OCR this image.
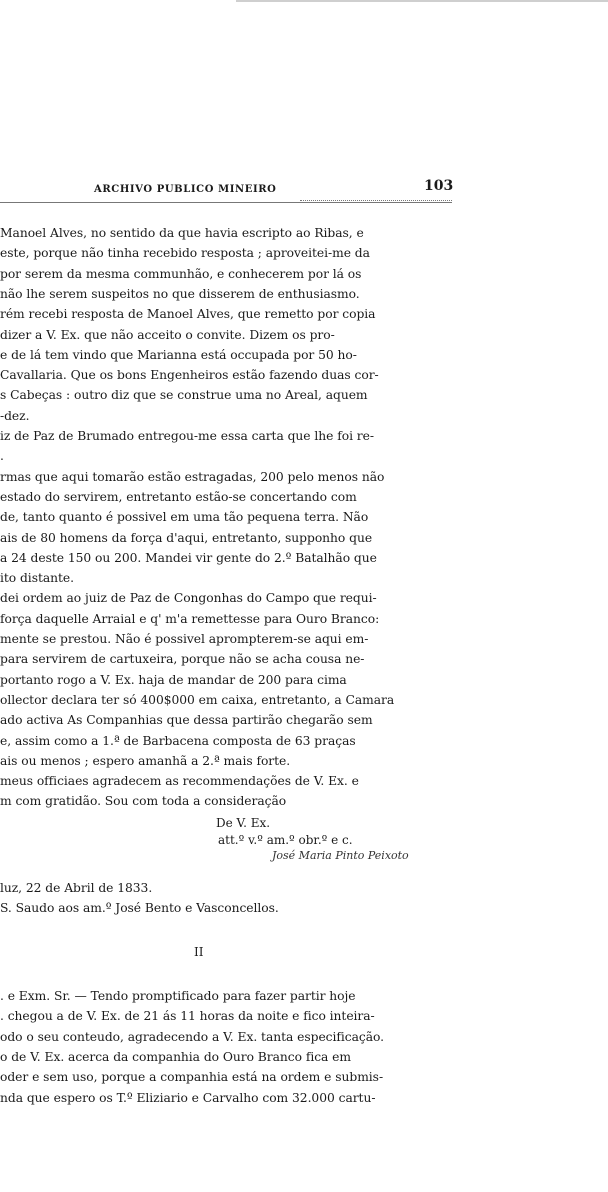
ARCHIVO PUBLICO MINEIRO	103
Manoel Alves, no sentido da que havia escripto ao Ribas, e
este, porque não tinha recebido resposta ; aproveitei-me da
por serem da mesma communhão, e conhecerem por lá os
não lhe serem suspeitos no que disserem de enthusiasmo.
rém recebi resposta de Manoel Alves, que remetto por copia
dizer a V. Ex. que não acceito o convite. Dizem os pro-
e de lá tem vindo que Marianna está occupada por 50 ho-
Cavallaria. Que os bons Engenheiros estão fazendo duas cor-
s Cabeças : outro diz que se construe uma no Areal, aquem
-dez.
iz de Paz de Brumado entregou-me essa carta que lhe foi re-
.
rmas que aqui tomarão estão estragadas, 200 pelo menos não
estado do servirem, entretanto estão-se concertando com
de, tanto quanto é possivel em uma tão pequena terra. Não
ais de 80 homens da força d'aqui, entretanto, supponho que
a 24 deste 150 ou 200. Mandei vir gente do 2.º Batalhão que
ito distante.
dei ordem ao juiz de Paz de Congonhas do Campo que requi-
força daquelle Arraial e q' m'a remettesse para Ouro Branco:
mente se prestou. Não é possivel aprompterem-se aqui em-
para servirem de cartuxeira, porque não se acha cousa ne-
portanto rogo a V. Ex. haja de mandar de 200 para cima
ollector declara ter só 400$000 em caixa, entretanto, a Camara
ado activa As Companhias que dessa partirão chegarão sem
e, assim como a 1.ª de Barbacena composta de 63 praças
ais ou menos ; espero amanhã a 2.ª mais forte.
meus officiaes agradecem as recommendações de V. Ex. e
m com gratidão. Sou com toda a consideração
De V. Ex.
att.º v.º am.º obr.º e c.
José Maria Pinto Peixoto
luz, 22 de Abril de 1833.
S. Saudo aos am.º José Bento e Vasconcellos.
II
. e Exm. Sr. — Tendo promptificado para fazer partir hoje
. chegou a de V. Ex. de 21 ás 11 horas da noite e fico inteira-
odo o seu conteudo, agradecendo a V. Ex. tanta especificação.
o de V. Ex. acerca da companhia do Ouro Branco fica em
oder e sem uso, porque a companhia está na ordem e submis-
nda que espero os T.º Eliziario e Carvalho com 32.000 cartu-
